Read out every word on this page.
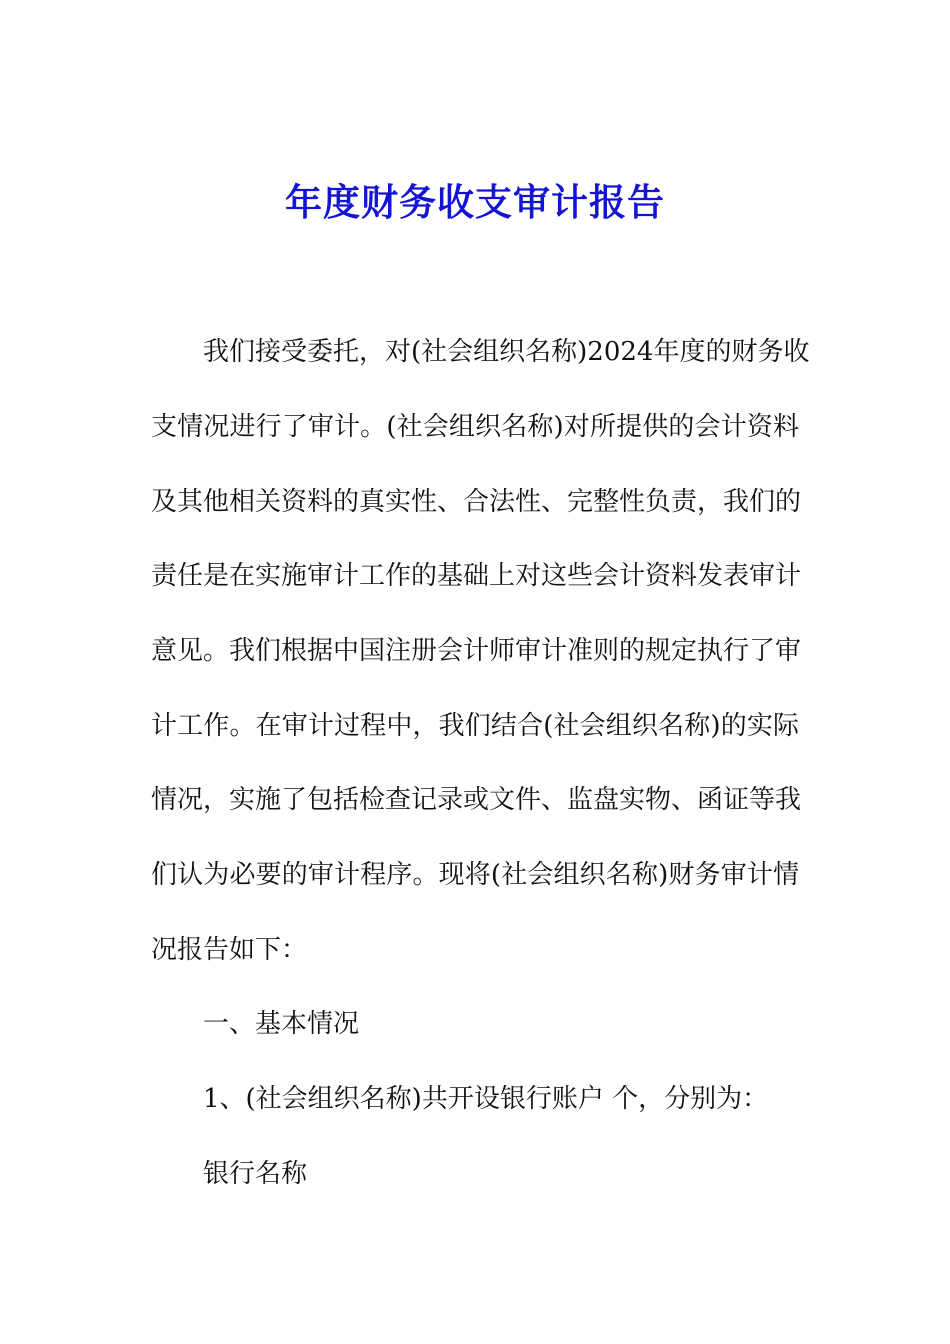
年度财务收支审计报告

我们接受委托，对(社会组织名称)2024年度的财务收

支情况进行了审计。(社会组织名称)对所提供的会计资料

及其他相关资料的真实性、合法性、完整性负责，我们的

责任是在实施审计工作的基础上对这些会计资料发表审计

意见。我们根据中国注册会计师审计准则的规定执行了审

计工作。在审计过程中，我们结合(社会组织名称)的实际

情况，实施了包括检查记录或文件、监盘实物、函证等我

们认为必要的审计程序。现将(社会组织名称)财务审计情

况报告如下：

一、基本情况

1、(社会组织名称)共开设银行账户 个，分别为：

银行名称
